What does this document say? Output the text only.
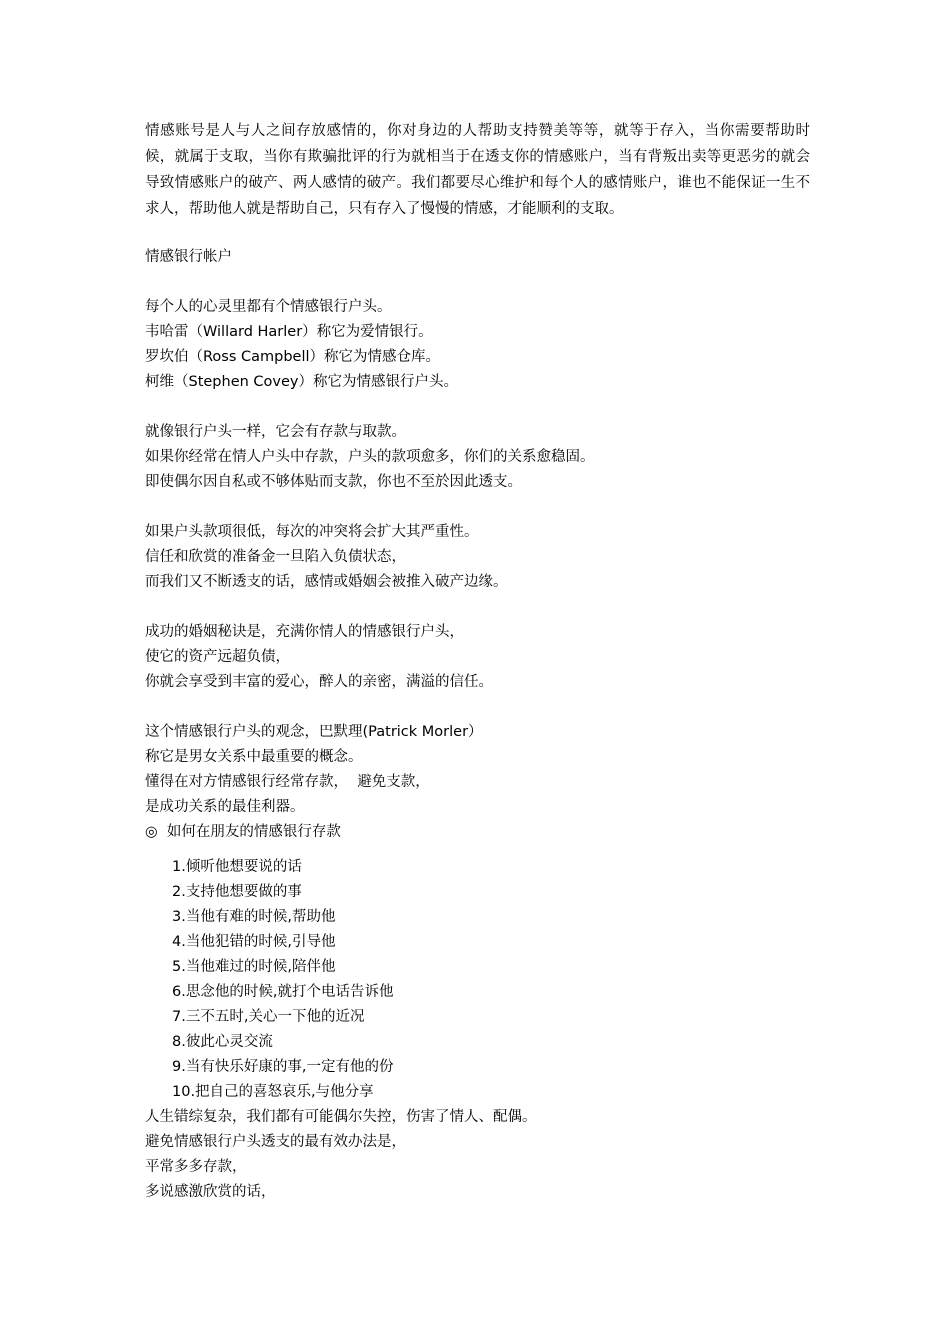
情感账号是人与人之间存放感情的，你对身边的人帮助支持赞美等等，就等于存入，当你需要帮助时候，就属于支取，当你有欺骗批评的行为就相当于在透支你的情感账户，当有背叛出卖等更恶劣的就会导致情感账户的破产、两人感情的破产。我们都要尽心维护和每个人的感情账户，谁也不能保证一生不求人，帮助他人就是帮助自己，只有存入了慢慢的情感，才能顺利的支取。

情感银行帐户
每个人的心灵里都有个情感银行户头。
韦哈雷（Willard Harler）称它为爱情银行。
罗坎伯（Ross Campbell）称它为情感仓库。
柯维（Stephen Covey）称它为情感银行户头。
就像银行户头一样，它会有存款与取款。
如果你经常在情人户头中存款，户头的款项愈多，你们的关系愈稳固。
即使偶尔因自私或不够体贴而支款，你也不至於因此透支。
如果户头款项很低，每次的冲突将会扩大其严重性。
信任和欣赏的准备金一旦陷入负债状态，
而我们又不断透支的话，感情或婚姻会被推入破产边缘。
成功的婚姻秘诀是，充满你情人的情感银行户头，
使它的资产远超负债，
你就会享受到丰富的爱心，醉人的亲密，满溢的信任。
这个情感银行户头的观念，巴默理(Patrick Morler）
称它是男女关系中最重要的概念。
懂得在对方情感银行经常存款，  避免支款，
是成功关系的最佳利器。
◎  如何在朋友的情感银行存款
1.倾听他想要说的话
2.支持他想要做的事
3.当他有难的时候,帮助他
4.当他犯错的时候,引导他
5.当他难过的时候,陪伴他
6.思念他的时候,就打个电话告诉他
7.三不五时,关心一下他的近况
8.彼此心灵交流
9.当有快乐好康的事,一定有他的份
10.把自己的喜怒哀乐,与他分享
人生错综复杂，我们都有可能偶尔失控，伤害了情人、配偶。
避免情感银行户头透支的最有效办法是，
平常多多存款，
多说感激欣赏的话，
